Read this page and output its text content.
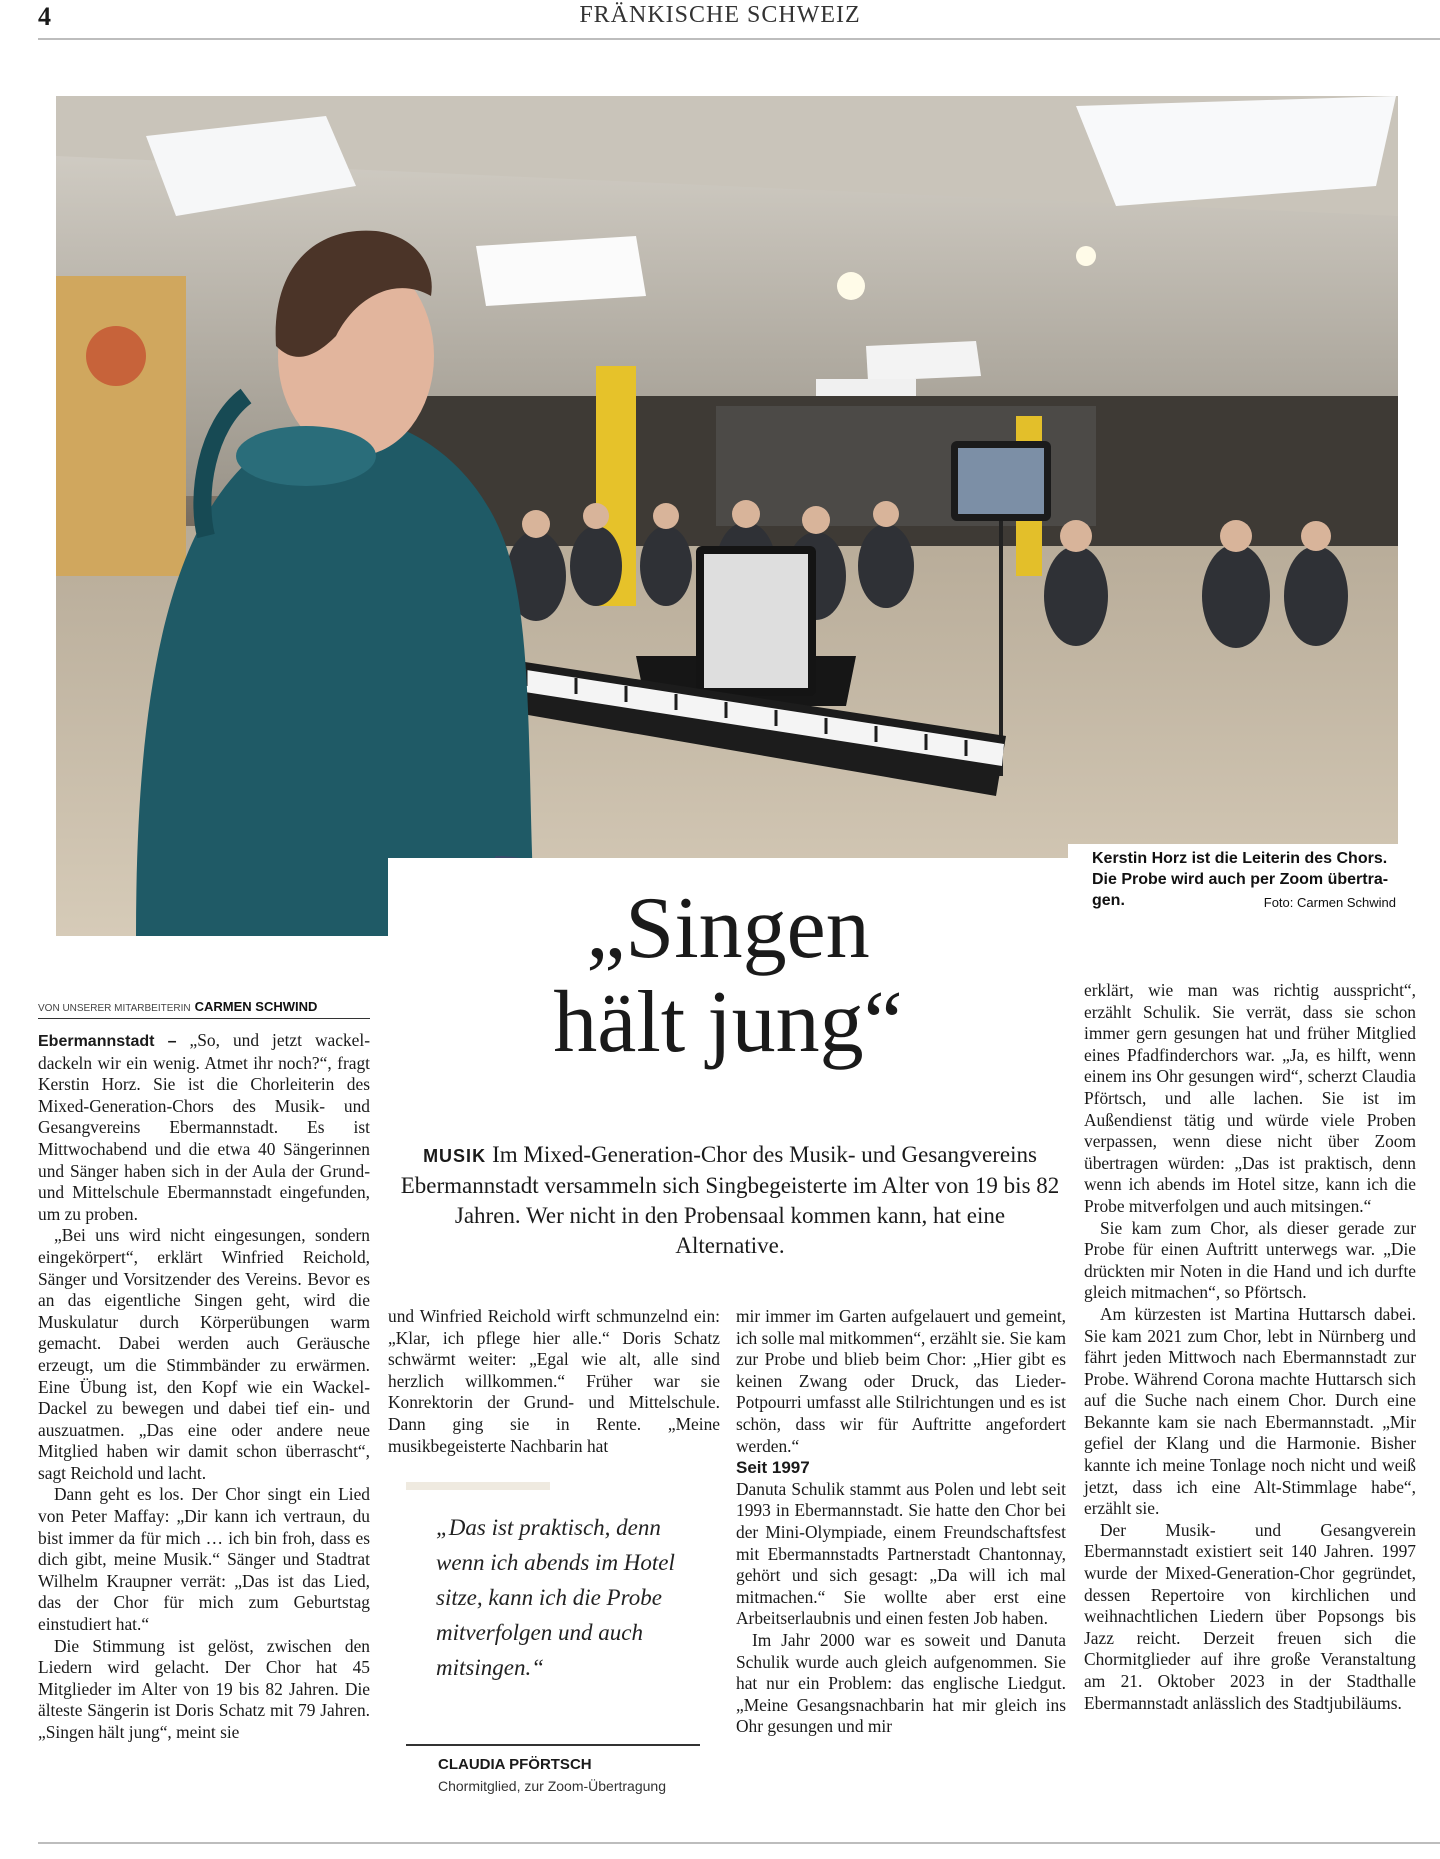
4	FRÄNKISCHE SCHWEIZ
Kerstin Horz ist die Leiterin des Chors. Die Probe wird auch per Zoom übertra- gen.	Foto: Carmen Schwind
„Singen
hält jung“
MUSIK Im Mixed-Generation-Chor des Musik- und Gesangvereins Ebermannstadt versammeln sich Singbegeisterte im Alter von 19 bis 82 Jahren. Wer nicht in den Probensaal kommen kann, hat eine Alternative.
VON UNSERER MITARBEITERIN CARMEN SCHWIND

Ebermannstadt – „So, und jetzt wackel- dackeln wir ein wenig. Atmet ihr noch?“, fragt Kerstin Horz. Sie ist die Chorleiterin des Mixed-Generation-Chors des Musik- und Gesangvereins Ebermannstadt. Es ist Mittwochabend und die etwa 40 Sängerinnen und Sänger haben sich in der Aula der Grund- und Mittelschule Ebermannstadt eingefunden, um zu proben.

„Bei uns wird nicht eingesungen, sondern eingekörpert“, erklärt Winfried Reichold, Sänger und Vorsitzender des Vereins. Bevor es an das eigentliche Singen geht, wird die Muskulatur durch Körperübungen warm gemacht. Dabei werden auch Geräusche erzeugt, um die Stimmbänder zu erwärmen. Eine Übung ist, den Kopf wie ein Wackel-Dackel zu bewegen und dabei tief ein- und auszuatmen. „Das eine oder andere neue Mitglied haben wir damit schon überrascht“, sagt Reichold und lacht.

Dann geht es los. Der Chor singt ein Lied von Peter Maffay: „Dir kann ich vertraun, du bist immer da für mich … ich bin froh, dass es dich gibt, meine Musik.“ Sänger und Stadtrat Wilhelm Kraupner verrät: „Das ist das Lied, das der Chor für mich zum Geburtstag einstudiert hat.“

Die Stimmung ist gelöst, zwischen den Liedern wird gelacht. Der Chor hat 45 Mitglieder im Alter von 19 bis 82 Jahren. Die älteste Sängerin ist Doris Schatz mit 79 Jahren. „Singen hält jung“, meint sie

und Winfried Reichold wirft schmunzelnd ein: „Klar, ich pflege hier alle.“ Doris Schatz schwärmt weiter: „Egal wie alt, alle sind herzlich willkommen.“ Früher war sie Konrektorin der Grund- und Mittelschule. Dann ging sie in Rente. „Meine musikbegeisterte Nachbarin hat

„Das ist praktisch, denn wenn ich abends im Hotel sitze, kann ich die Probe mitverfolgen und auch mitsingen.“
CLAUDIA PFÖRTSCH
Chormitglied, zur Zoom-Übertragung

mir immer im Garten aufgelauert und gemeint, ich solle mal mitkommen“, erzählt sie. Sie kam zur Probe und blieb beim Chor: „Hier gibt es keinen Zwang oder Druck, das Lieder-Potpourri umfasst alle Stilrichtungen und es ist schön, dass wir für Auftritte angefordert werden.“

Seit 1997

Danuta Schulik stammt aus Polen und lebt seit 1993 in Ebermannstadt. Sie hatte den Chor bei der Mini-Olympiade, einem Freundschaftsfest mit Ebermannstadts Partnerstadt Chantonnay, gehört und sich gesagt: „Da will ich mal mitmachen.“ Sie wollte aber erst eine Arbeitserlaubnis und einen festen Job haben.

Im Jahr 2000 war es soweit und Danuta Schulik wurde auch gleich aufgenommen. Sie hat nur ein Problem: das englische Liedgut. „Meine Gesangsnachbarin hat mir gleich ins Ohr gesungen und mir

erklärt, wie man was richtig ausspricht“, erzählt Schulik. Sie verrät, dass sie schon immer gern gesungen hat und früher Mitglied eines Pfadfinderchors war. „Ja, es hilft, wenn einem ins Ohr gesungen wird“, scherzt Claudia Pförtsch, und alle lachen. Sie ist im Außendienst tätig und würde viele Proben verpassen, wenn diese nicht über Zoom übertragen würden: „Das ist praktisch, denn wenn ich abends im Hotel sitze, kann ich die Probe mitverfolgen und auch mitsingen.“

Sie kam zum Chor, als dieser gerade zur Probe für einen Auftritt unterwegs war. „Die drückten mir Noten in die Hand und ich durfte gleich mitmachen“, so Pförtsch.

Am kürzesten ist Martina Huttarsch dabei. Sie kam 2021 zum Chor, lebt in Nürnberg und fährt jeden Mittwoch nach Ebermannstadt zur Probe. Während Corona machte Huttarsch sich auf die Suche nach einem Chor. Durch eine Bekannte kam sie nach Ebermannstadt. „Mir gefiel der Klang und die Harmonie. Bisher kannte ich meine Tonlage noch nicht und weiß jetzt, dass ich eine Alt-Stimmlage habe“, erzählt sie.

Der Musik- und Gesangverein Ebermannstadt existiert seit 140 Jahren. 1997 wurde der Mixed-Generation-Chor gegründet, dessen Repertoire von kirchlichen und weihnachtlichen Liedern über Popsongs bis Jazz reicht. Derzeit freuen sich die Chormitglieder auf ihre große Veranstaltung am 21. Oktober 2023 in der Stadthalle Ebermannstadt anlässlich des Stadtjubiläums.
